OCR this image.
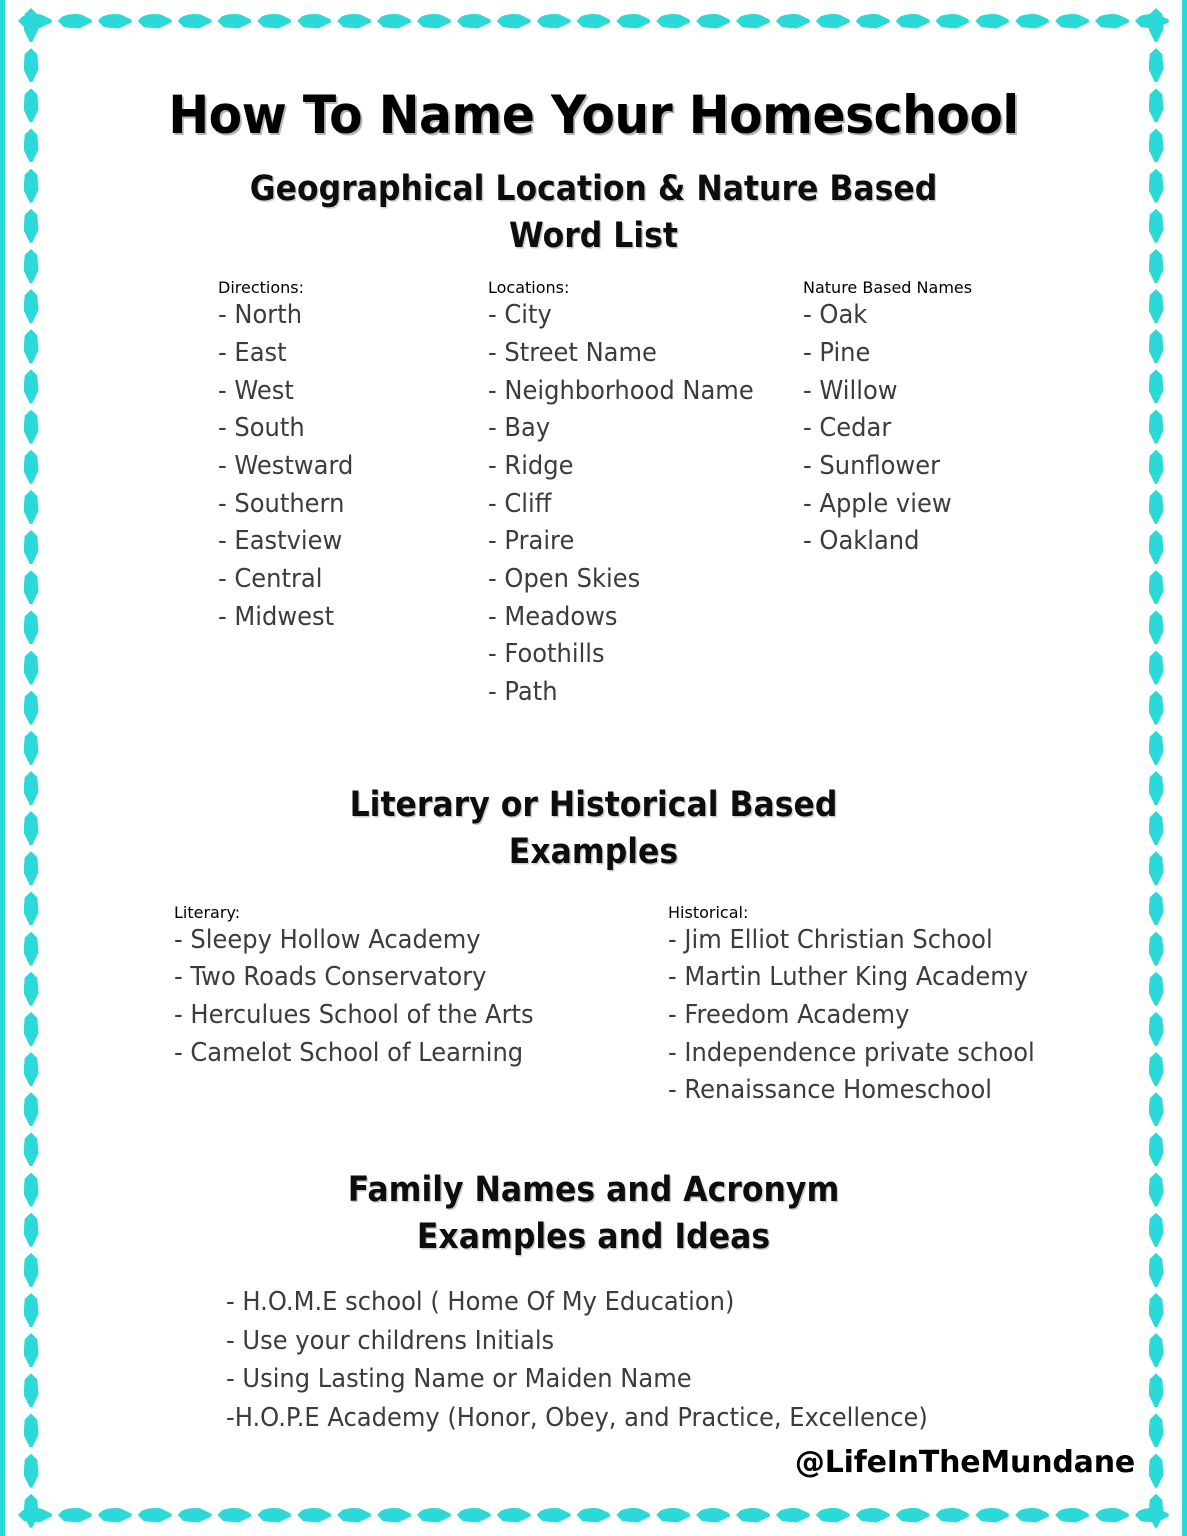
How To Name Your Homeschool
Geographical Location & Nature Based
Word List
Directions:
- North
- East
- West
- South
- Westward
- Southern
- Eastview
- Central
- Midwest
Locations:
- City
- Street Name
- Neighborhood Name
- Bay
- Ridge
- Cliff
- Praire
- Open Skies
- Meadows
- Foothills
- Path
Nature Based Names
- Oak
- Pine
- Willow
- Cedar
- Sunflower
- Apple view
- Oakland
Literary or Historical Based
Examples
Literary:
- Sleepy Hollow Academy
- Two Roads Conservatory
- Herculues School of the Arts
- Camelot School of Learning
Historical:
- Jim Elliot Christian School
- Martin Luther King Academy
- Freedom Academy
- Independence private school
- Renaissance Homeschool
Family Names and Acronym
Examples and Ideas
- H.O.M.E school ( Home Of My Education)
- Use your childrens Initials
- Using Lasting Name or Maiden Name
-H.O.P.E Academy (Honor, Obey, and Practice, Excellence)
@LifeInTheMundane
